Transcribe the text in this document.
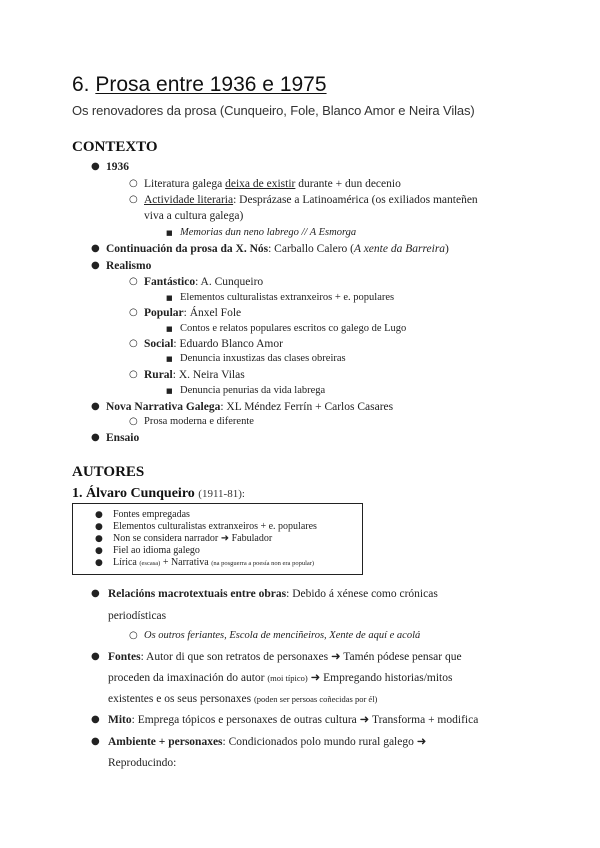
6. Prosa entre 1936 e 1975

Os renovadores da prosa (Cunqueiro, Fole, Blanco Amor e Neira Vilas)

CONTEXTO
● 1936
○ Literatura galega deixa de existir durante + dun decenio
○ Actividade literaria: Desprázase a Latinoamérica (os exiliados manteñen
viva a cultura galega)
■ Memorias dun neno labrego // A Esmorga
● Continuación da prosa da X. Nós: Carballo Calero (A xente da Barreira)
● Realismo
○ Fantástico: A. Cunqueiro
■ Elementos culturalistas extranxeiros + e. populares
○ Popular: Ánxel Fole
■ Contos e relatos populares escritos co galego de Lugo
○ Social: Eduardo Blanco Amor
■ Denuncia inxustizas das clases obreiras
○ Rural: X. Neira Vilas
■ Denuncia penurias da vida labrega
● Nova Narrativa Galega: XL Méndez Ferrín + Carlos Casares
○ Prosa moderna e diferente
● Ensaio
AUTORES
1. Álvaro Cunqueiro (1911-81):
● Fontes empregadas
● Elementos culturalistas extranxeiros + e. populares
● Non se considera narrador ➜ Fabulador
● Fiel ao idioma galego
● Lírica (escasa) + Narrativa (na posguerra a poesía non era popular)
● Relacións macrotextuais entre obras: Debido á xénese como crónicas
periodísticas
○ Os outros feriantes, Escola de menciñeiros, Xente de aquí e acolá
● Fontes: Autor di que son retratos de personaxes ➜ Tamén pódese pensar que
proceden da imaxinación do autor (moi típico) ➜ Empregando historias/mitos
existentes e os seus personaxes (poden ser persoas coñecidas por él)
● Mito: Emprega tópicos e personaxes de outras cultura ➜ Transforma + modifica
● Ambiente + personaxes: Condicionados polo mundo rural galego ➜
Reproducindo:
